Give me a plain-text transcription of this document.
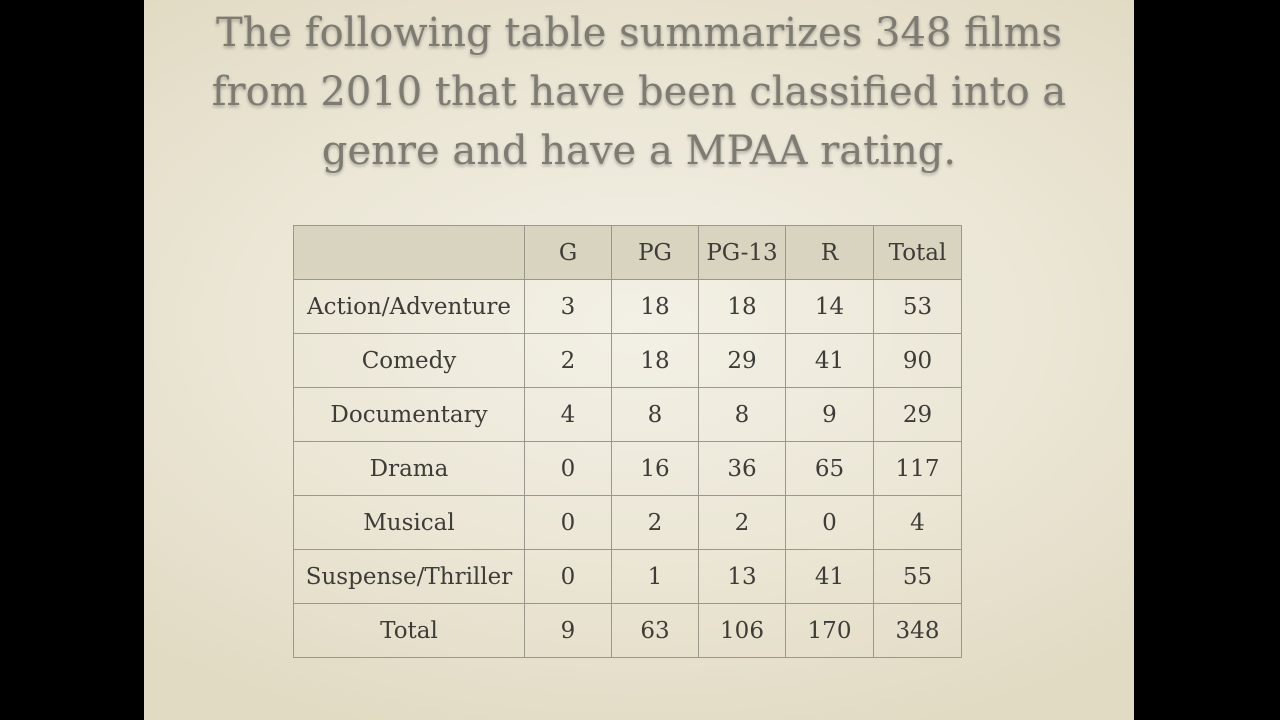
The following table summarizes 348 films from 2010 that have been classified into a genre and have a MPAA rating.
	G	PG	PG-13	R	Total
Action/Adventure	3	18	18	14	53
Comedy	2	18	29	41	90
Documentary	4	8	8	9	29
Drama	0	16	36	65	117
Musical	0	2	2	0	4
Suspense/Thriller	0	1	13	41	55
Total	9	63	106	170	348
